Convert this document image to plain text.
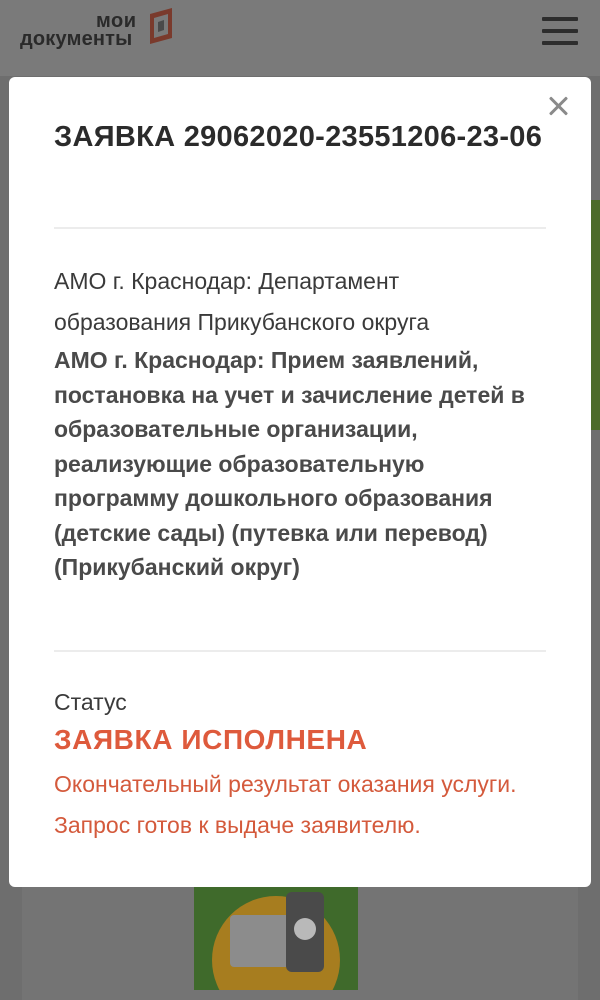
мои
документы
ЗАЯВКА 29062020-23551206-23-06
АМО г. Краснодар: Департамент образования Прикубанского округа
АМО г. Краснодар: Прием заявлений, постановка на учет и зачисление детей в образовательные организации, реализующие образовательную программу дошкольного образования (детские сады) (путевка или перевод) (Прикубанский округ)
Статус
ЗАЯВКА ИСПОЛНЕНА
Окончательный результат оказания услуги. Запрос готов к выдаче заявителю.
